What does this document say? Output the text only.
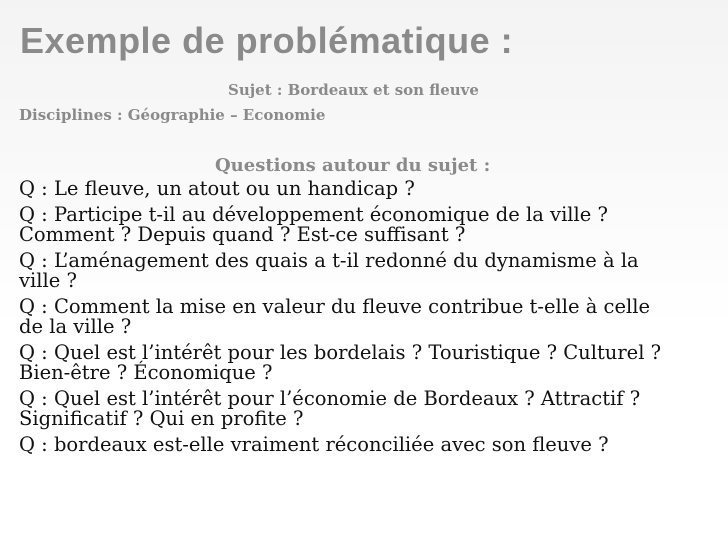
Exemple de problématique :
Sujet : Bordeaux et son fleuve
Disciplines : Géographie – Economie
Questions autour du sujet :
Q : Le fleuve, un atout ou un handicap ?
Q : Participe t-il au développement économique de la ville ?
Comment ? Depuis quand ? Est-ce suffisant ?
Q : L’aménagement des quais a t-il redonné du dynamisme à la
ville ?
Q : Comment la mise en valeur du fleuve contribue t-elle à celle
de la ville ?
Q : Quel est l’intérêt pour les bordelais ? Touristique ? Culturel ?
Bien-être ? Économique ?
Q : Quel est l’intérêt pour l’économie de Bordeaux ? Attractif ?
Significatif ? Qui en profite ?
Q : bordeaux est-elle vraiment réconciliée avec son fleuve ?
